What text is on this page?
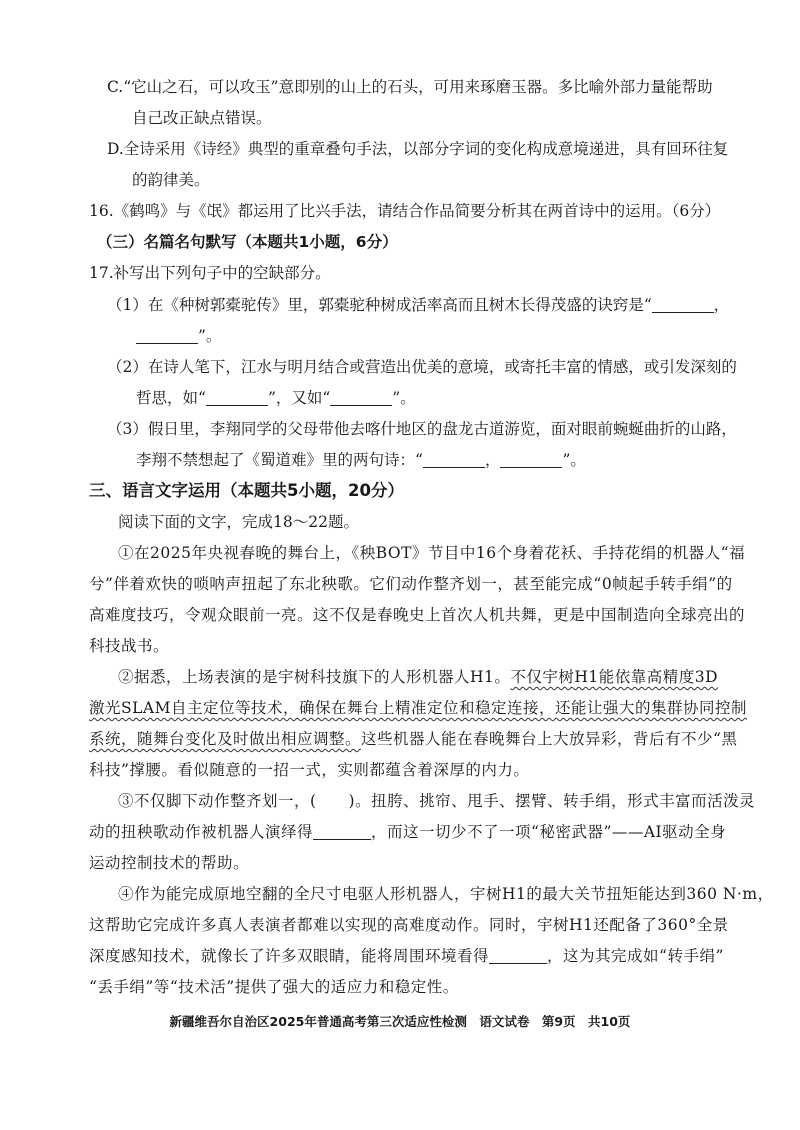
C.“它山之石，可以攻玉”意即别的山上的石头，可用来琢磨玉器。多比喻外部力量能帮助
自己改正缺点错误。
D.全诗采用《诗经》典型的重章叠句手法，以部分字词的变化构成意境递进，具有回环往复
的韵律美。
16.《鹤鸣》与《氓》都运用了比兴手法，请结合作品简要分析其在两首诗中的运用。（6分）
（三）名篇名句默写（本题共1小题，6分）
17.补写出下列句子中的空缺部分。
（1）在《种树郭橐驼传》里，郭橐驼种树成活率高而且树木长得茂盛的诀窍是“	，
”。
（2）在诗人笔下，江水与明月结合或营造出优美的意境，或寄托丰富的情感，或引发深刻的
哲思，如“	”，又如“	”。
（3）假日里，李翔同学的父母带他去喀什地区的盘龙古道游览，面对眼前蜿蜒曲折的山路，
李翔不禁想起了《蜀道难》里的两句诗：“	，	”。
三、语言文字运用（本题共5小题，20分）
阅读下面的文字，完成18～22题。
①在2025年央视春晚的舞台上，《秧BOT》节目中16个身着花袄、手持花绢的机器人“福
兮”伴着欢快的唢呐声扭起了东北秧歌。它们动作整齐划一，甚至能完成“0帧起手转手绢”的
高难度技巧，令观众眼前一亮。这不仅是春晚史上首次人机共舞，更是中国制造向全球亮出的
科技战书。
②据悉，上场表演的是宇树科技旗下的人形机器人H1。不仅宇树H1能依靠高精度3D
激光SLAM自主定位等技术，确保在舞台上精准定位和稳定连接，还能让强大的集群协同控制
系统，随舞台变化及时做出相应调整。这些机器人能在春晚舞台上大放异彩，背后有不少“黑
科技”撑腰。看似随意的一招一式，实则都蕴含着深厚的内力。
③不仅脚下动作整齐划一，(　　)。扭胯、挑帘、甩手、摆臂、转手绢，形式丰富而活泼灵
动的扭秧歌动作被机器人演绎得	，而这一切少不了一项“秘密武器”——AI驱动全身
运动控制技术的帮助。
④作为能完成原地空翻的全尺寸电驱人形机器人，宇树H1的最大关节扭矩能达到360 N·m，
这帮助它完成许多真人表演者都难以实现的高难度动作。同时，宇树H1还配备了360°全景
深度感知技术，就像长了许多双眼睛，能将周围环境看得	，这为其完成如“转手绢”
“丢手绢”等“技术活”提供了强大的适应力和稳定性。
新疆维吾尔自治区2025年普通高考第三次适应性检测　语文试卷　第9页　共10页
